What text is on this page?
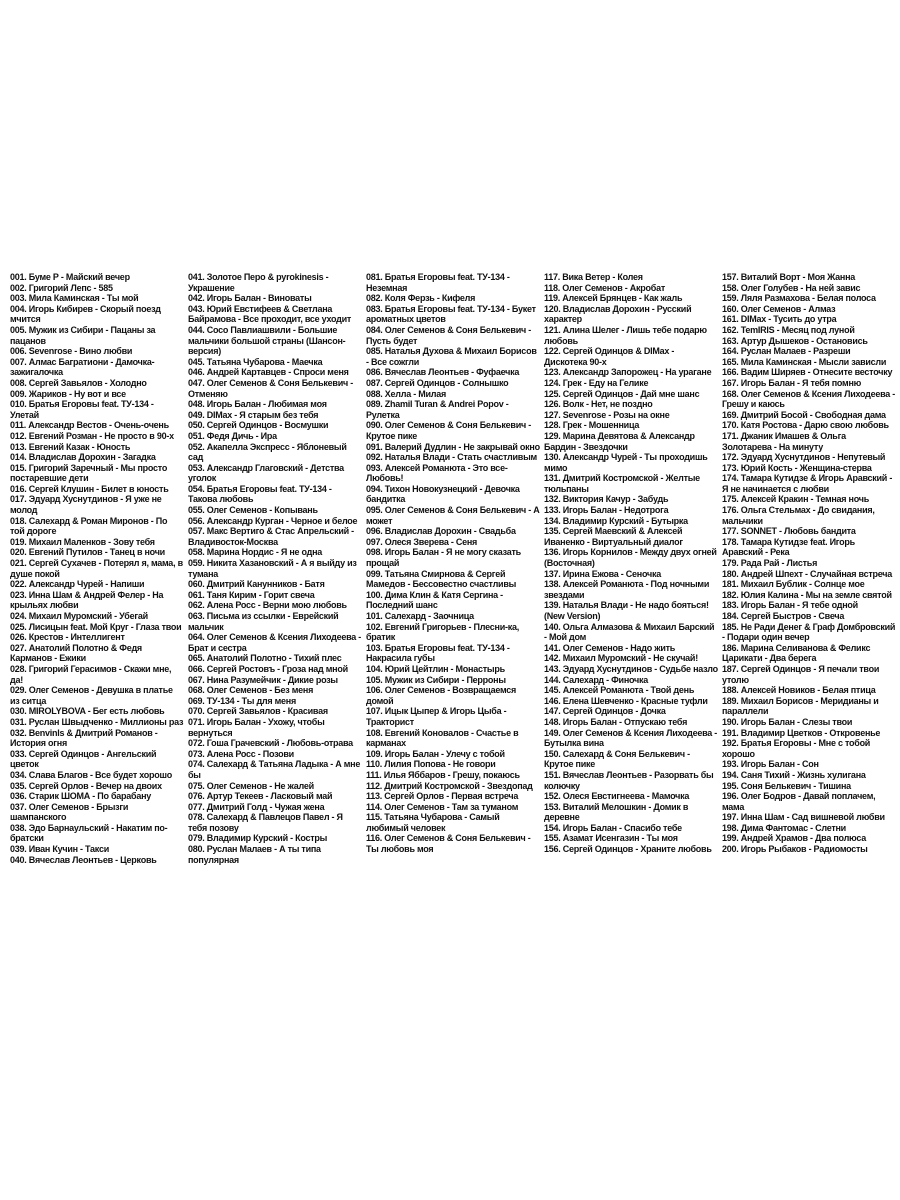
001. Буме Р - Майский вечер
002. Григорий Лепс - 585
003. Мила Каминская - Ты мой
004. Игорь Кибирев - Скорый поезд мчится
005. Мужик из Сибири - Пацаны за пацанов
006. Sevenrose - Вино любви
007. Алмас Багратиони - Дамочка-зажигалочка
008. Сергей Завьялов - Холодно
009. Жариков - Ну вот и все
010. Братья Егоровы feat. ТУ-134 - Улетай
011. Александр Вестов - Очень-очень
012. Евгений Розман - Не просто в 90-х
013. Евгений Казак - Юность
014. Владислав Дорохин - Загадка
015. Григорий Заречный - Мы просто постаревшие дети
016. Сергей Клушин - Билет в юность
017. Эдуард Хуснутдинов - Я уже не молод
018. Салехард & Роман Миронов - По той дороге
019. Михаил Маленков - Зову тебя
020. Евгений Путилов - Танец в ночи
021. Сергей Сухачев - Потерял я, мама, в душе покой
022. Александр Чурей - Напиши
023. Инна Шам & Андрей Фелер - На крыльях любви
024. Михаил Муромский - Убегай
025. Лисицын feat. Мой Круг - Глаза твои
026. Крестов - Интеллигент
027. Анатолий Полотно & Федя Карманов - Ежики
028. Григорий Герасимов - Скажи мне, да!
029. Олег Семенов - Девушка в платье из ситца
030. MIROLYBOVA - Бег есть любовь
031. Руслан Швыдченко - Миллионы раз
032. Benvinls & Дмитрий Романов - История огня
033. Сергей Одинцов - Ангельский цветок
034. Слава Благов - Все будет хорошо
035. Сергей Орлов - Вечер на двоих
036. Старик ШОМА - По барабану
037. Олег Семенов - Брызги шампанского
038. Эдо Барнаульский - Накатим по-братски
039. Иван Кучин - Такси
040. Вячеслав Леонтьев - Церковь
041. Золотое Перо & pyrokinesis - Украшение
042. Игорь Балан - Виноваты
043. Юрий Евстифеев & Светлана Байрамова - Все проходит, все уходит
044. Сосо Павлиашвили - Большие мальчики большой страны (Шансон-версия)
045. Татьяна Чубарова - Маечка
046. Андрей Картавцев - Спроси меня
047. Олег Семенов & Соня Белькевич - Отменяю
048. Игорь Балан - Любимая моя
049. DIMax - Я старым без тебя
050. Сергей Одинцов - Восмушки
051. Федя Дичь - Ира
052. Акапелла Экспресс - Яблоневый сад
053. Александр Глаговский - Детства уголок
054. Братья Егоровы feat. ТУ-134 - Такова любовь
055. Олег Семенов - Копывань
056. Александр Курган - Черное и белое
057. Макс Вертиго & Стас Апрельский - Владивосток-Москва
058. Марина Нордис - Я не одна
059. Никита Хазановский - А я выйду из тумана
060. Дмитрий Канунников - Батя
061. Таня Кирим - Горит свеча
062. Алена Росс - Верни мою любовь
063. Письма из ссылки - Еврейский мальчик
064. Олег Семенов & Ксения Лиходеева - Брат и сестра
065. Анатолий Полотно - Тихий плес
066. Сергей Ростовъ - Гроза над мной
067. Нина Разумейчик - Дикие розы
068. Олег Семенов - Без меня
069. ТУ-134 - Ты для меня
070. Сергей Завьялов - Красивая
071. Игорь Балан - Ухожу, чтобы вернуться
072. Гоша Грачевский - Любовь-отрава
073. Алена Росс - Позови
074. Салехард & Татьяна Ладыка - А мне бы
075. Олег Семенов - Не жалей
076. Артур Текеев - Ласковый май
077. Дмитрий Голд - Чужая жена
078. Салехард & Павлецов Павел - Я тебя позову
079. Владимир Курский - Костры
080. Руслан Малаев - А ты типа популярная
081. Братья Егоровы feat. ТУ-134 - Неземная
082. Коля Ферзь - Кифеля
083. Братья Егоровы feat. ТУ-134 - Букет ароматных цветов
084. Олег Семенов & Соня Белькевич - Пусть будет
085. Наталья Духова & Михаил Борисов - Все сожгли
086. Вячеслав Леонтьев - Фуфаечка
087. Сергей Одинцов - Солнышко
088. Хелла - Милая
089. Zhamil Turan & Andrei Popov - Рулетка
090. Олег Семенов & Соня Белькевич - Крутое пике
091. Валерий Дудлин - Не закрывай окно
092. Наталья Влади - Стать счастливым
093. Алексей Романюта - Это все-Любовь!
094. Тихон Новокузнецкий - Девочка бандитка
095. Олег Семенов & Соня Белькевич - А может
096. Владислав Дорохин - Свадьба
097. Олеся Зверева - Сеня
098. Игорь Балан - Я не могу сказать прощай
099. Татьяна Смирнова & Сергей Мамедов - Бессовестно счастливы
100. Дима Клин & Катя Сергина - Последний шанс
101. Салехард - Заочница
102. Евгений Григорьев - Плесни-ка, братик
103. Братья Егоровы feat. ТУ-134 - Накрасила губы
104. Юрий Цейтлин - Монастырь
105. Мужик из Сибири - Перроны
106. Олег Семенов - Возвращаемся домой
107. Ицык Цыпер & Игорь Цыба - Тракторист
108. Евгений Коновалов - Счастье в карманах
109. Игорь Балан - Улечу с тобой
110. Лилия Попова - Не говори
111. Илья Яббаров - Грешу, покаюсь
112. Дмитрий Костромской - Звездопад
113. Сергей Орлов - Первая встреча
114. Олег Семенов - Там за туманом
115. Татьяна Чубарова - Самый любимый человек
116. Олег Семенов & Соня Белькевич - Ты любовь моя
117. Вика Ветер - Колея
118. Олег Семенов - Акробат
119. Алексей Брянцев - Как жаль
120. Владислав Дорохин - Русский характер
121. Алина Шелег - Лишь тебе подарю любовь
122. Сергей Одинцов & DIMax - Дискотека 90-х
123. Александр Запорожец - На урагане
124. Грек - Еду на Гелике
125. Сергей Одинцов - Дай мне шанс
126. Волк - Нет, не поздно
127. Sevenrose - Розы на окне
128. Грек - Мошенница
129. Марина Девятова & Александр Бардин - Звездочки
130. Александр Чурей - Ты проходишь мимо
131. Дмитрий Костромской - Желтые тюльпаны
132. Виктория Качур - Забудь
133. Игорь Балан - Недотрога
134. Владимир Курский - Бутырка
135. Сергей Маевский & Алексей Иваненко - Виртуальный диалог
136. Игорь Корнилов - Между двух огней (Восточная)
137. Ирина Ежова - Сеночка
138. Алексей Романюта - Под ночными звездами
139. Наталья Влади - Не надо бояться! (New Version)
140. Ольга Алмазова & Михаил Барский - Мой дом
141. Олег Семенов - Надо жить
142. Михаил Муромский - Не скучай!
143. Эдуард Хуснутдинов - Судьбе назло
144. Салехард - Финочка
145. Алексей Романюта - Твой день
146. Елена Шевченко - Красные туфли
147. Сергей Одинцов - Дочка
148. Игорь Балан - Отпускаю тебя
149. Олег Семенов & Ксения Лиходеева - Бутылка вина
150. Салехард & Соня Белькевич - Крутое пике
151. Вячеслав Леонтьев - Разорвать бы колючку
152. Олеся Евстигнеева - Мамочка
153. Виталий Мелошкин - Домик в деревне
154. Игорь Балан - Спасибо тебе
155. Азамат Исенгазин - Ты моя
156. Сергей Одинцов - Храните любовь
157. Виталий Ворт - Моя Жанна
158. Олег Голубев - На ней завис
159. Ляля Размахова - Белая полоса
160. Олег Семенов - Алмаз
161. DIMax - Тусить до утра
162. TemIRIS - Месяц под луной
163. Артур Дышеков - Остановись
164. Руслан Малаев - Разреши
165. Мила Каминская - Мысли зависли
166. Вадим Ширяев - Отнесите весточку
167. Игорь Балан - Я тебя помню
168. Олег Семенов & Ксения Лиходеева - Грешу и каюсь
169. Дмитрий Босой - Свободная дама
170. Катя Ростова - Дарю свою любовь
171. Джаник Имашев & Ольга Золотарева - На минуту
172. Эдуард Хуснутдинов - Непутевый
173. Юрий Кость - Женщина-стерва
174. Тамара Кутидзе & Игорь Аравский - Я не начинается с любви
175. Алексей Кракин - Темная ночь
176. Ольга Стельмах - До свидания, мальчики
177. SONNET - Любовь бандита
178. Тамара Кутидзе feat. Игорь Аравский - Река
179. Рада Рай - Листья
180. Андрей Шпехт - Случайная встреча
181. Михаил Бублик - Солнце мое
182. Юлия Калина - Мы на земле святой
183. Игорь Балан - Я тебе одной
184. Сергей Быстров - Свеча
185. Не Ради Денег & Граф Домбровский - Подари один вечер
186. Марина Селиванова & Феликс Царикати - Два берега
187. Сергей Одинцов - Я печали твои утолю
188. Алексей Новиков - Белая птица
189. Михаил Борисов - Меридианы и параллели
190. Игорь Балан - Слезы твои
191. Владимир Цветков - Откровенье
192. Братья Егоровы - Мне с тобой хорошо
193. Игорь Балан - Сон
194. Саня Тихий - Жизнь хулигана
195. Соня Белькевич - Тишина
196. Олег Бодров - Давай поплачем, мама
197. Инна Шам - Сад вишневой любви
198. Дима Фантомас - Слетни
199. Андрей Храмов - Два полюса
200. Игорь Рыбаков - Радиомосты
